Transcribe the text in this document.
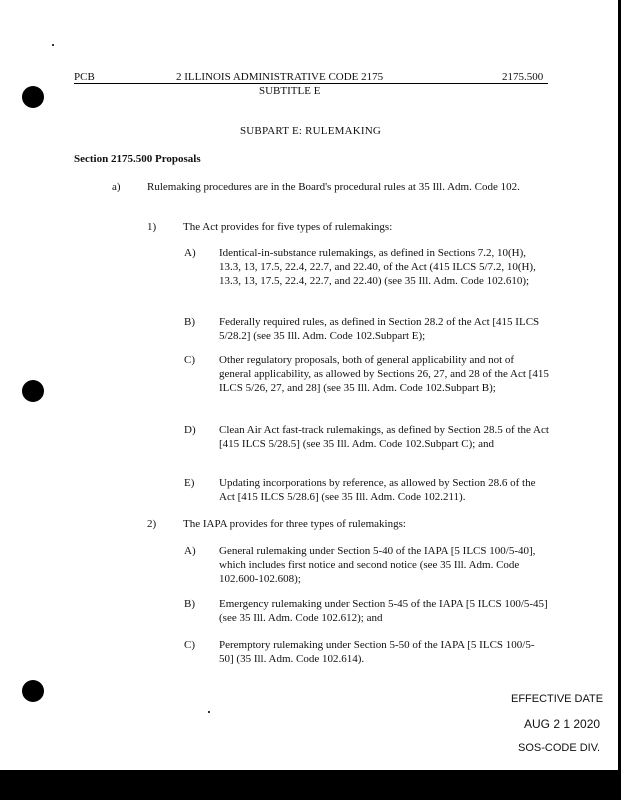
PCB	2 ILLINOIS ADMINISTRATIVE CODE 2175	2175.500
SUBTITLE E
SUBPART E: RULEMAKING
Section 2175.500 Proposals
a) Rulemaking procedures are in the Board's procedural rules at 35 Ill. Adm. Code 102.
1) The Act provides for five types of rulemakings:
A) Identical-in-substance rulemakings, as defined in Sections 7.2, 10(H), 13.3, 13, 17.5, 22.4, 22.7, and 22.40, of the Act (415 ILCS 5/7.2, 10(H), 13.3, 13, 17.5, 22.4, 22.7, and 22.40) (see 35 Ill. Adm. Code 102.610);
B) Federally required rules, as defined in Section 28.2 of the Act [415 ILCS 5/28.2] (see 35 Ill. Adm. Code 102.Subpart E);
C) Other regulatory proposals, both of general applicability and not of general applicability, as allowed by Sections 26, 27, and 28 of the Act [415 ILCS 5/26, 27, and 28] (see 35 Ill. Adm. Code 102.Subpart B);
D) Clean Air Act fast-track rulemakings, as defined by Section 28.5 of the Act [415 ILCS 5/28.5] (see 35 Ill. Adm. Code 102.Subpart C); and
E) Updating incorporations by reference, as allowed by Section 28.6 of the Act [415 ILCS 5/28.6] (see 35 Ill. Adm. Code 102.211).
2) The IAPA provides for three types of rulemakings:
A) General rulemaking under Section 5-40 of the IAPA [5 ILCS 100/5-40], which includes first notice and second notice (see 35 Ill. Adm. Code 102.600-102.608);
B) Emergency rulemaking under Section 5-45 of the IAPA [5 ILCS 100/5-45] (see 35 Ill. Adm. Code 102.612); and
C) Peremptory rulemaking under Section 5-50 of the IAPA [5 ILCS 100/5-50] (35 Ill. Adm. Code 102.614).
EFFECTIVE DATE
AUG 2 1 2020
SOS-CODE DIV.
